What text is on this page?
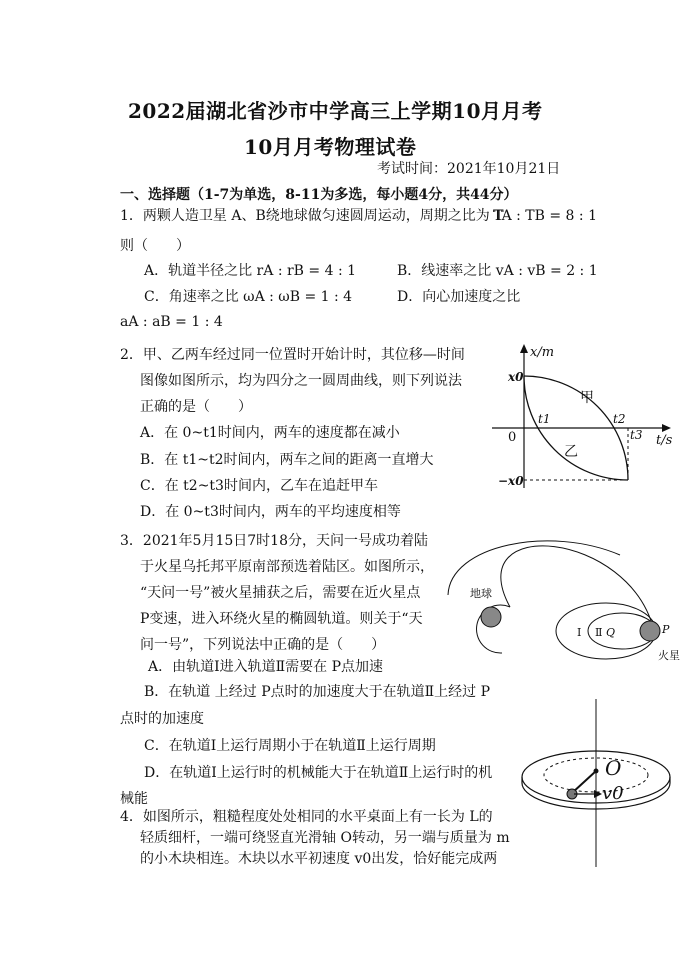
2022届湖北省沙市中学高三上学期10月月考
10月月考物理试卷
考试时间：2021年10月21日
一、选择题（1-7为单选，8-11为多选，每小题4分，共44分）
1．两颗人造卫星 A、B绕地球做匀速圆周运动，周期之比为 T
TA : TB = 8 : 1
则（　　）
A．轨道半径之比 rA : rB = 4 : 1	B．线速率之比 vA : vB = 2 : 1
C．角速率之比 ωA : ωB = 1 : 4	D．向心加速度之比
aA : aB = 1 : 4
2．甲、乙两车经过同一位置时开始计时，其位移—时间
图像如图所示，均为四分之一圆周曲线，则下列说法
正确的是（　　）
A．在 0~t1时间内，两车的速度都在减小
B．在 t1~t2时间内，两车之间的距离一直增大
C．在 t2~t3时间内，乙车在追赶甲车
D．在 0~t3时间内，两车的平均速度相等
x/m
t/s
x0
−x0
0
t1	t2
t3
甲
乙
3．2021年5月15日7时18分，天问一号成功着陆
于火星乌托邦平原南部预选着陆区。如图所示，
“天问一号”被火星捕获之后，需要在近火星点
P变速，进入环绕火星的椭圆轨道。则关于“天
问一号”，下列说法中正确的是（　　）
A．由轨道Ⅰ进入轨道Ⅱ需要在 P点加速
B．在轨道 上经过 P点时的加速度大于在轨道Ⅱ上经过 P
点时的加速度
C．在轨道Ⅰ上运行周期小于在轨道Ⅱ上运行周期
D．在轨道Ⅰ上运行时的机械能大于在轨道Ⅱ上运行时的机
械能
地球
火星
Ⅰ Ⅱ Q	P
4．如图所示，粗糙程度处处相同的水平桌面上有一长为 L的
轻质细杆，一端可绕竖直光滑轴 O转动，另一端与质量为 m
的小木块相连。木块以水平初速度 v0出发，恰好能完成两
O
v0
